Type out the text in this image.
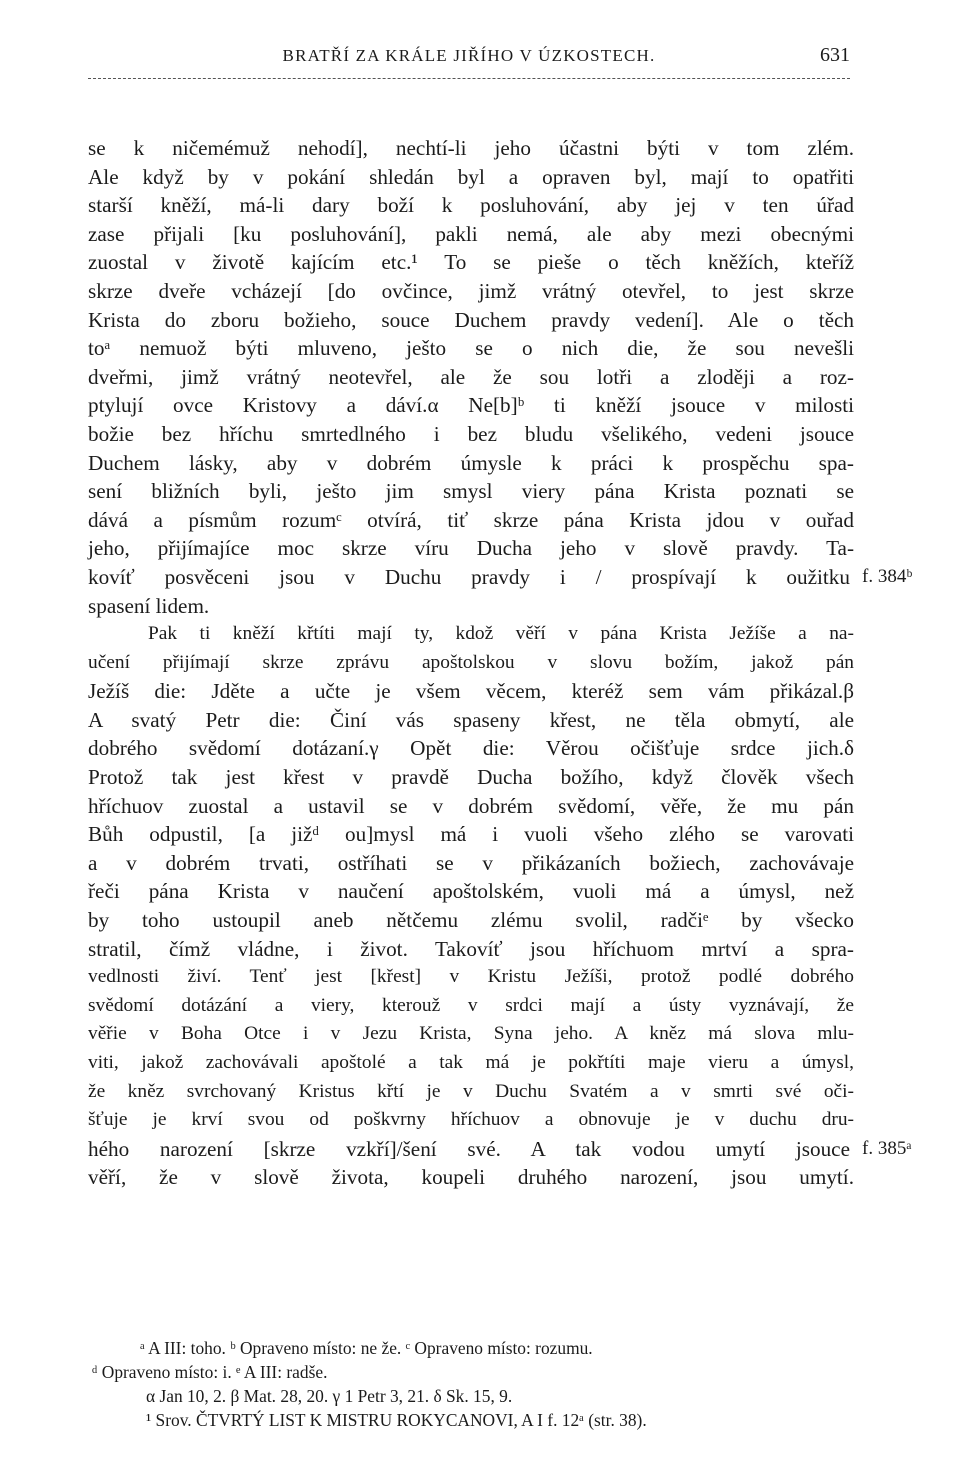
BRATŘÍ ZA KRÁLE JIŘÍHO V ÚZKOSTECH.	631
se k ničemémuž nehodí], nechtí-li jeho účastni býti v tom zlém.
Ale když by v pokání shledán byl a opraven byl, mají to opatřiti
starší kněží, má-li dary boží k posluhování, aby jej v ten úřad
zase přijali [ku posluhování], pakli nemá, ale aby mezi obecnými
zuostal v životě kajícím etc.¹ To se pieše o těch kněžích, kteříž
skrze dveře vcházejí [do ovčince, jimž vrátný otevřel, to jest skrze
Krista do zboru božieho, souce Duchem pravdy vedení]. Ale o těch
toᵃ nemuož býti mluveno, ješto se o nich die, že sou nevešli
dveřmi, jimž vrátný neotevřel, ale že sou lotři a zloději a roz-
ptylují ovce Kristovy a dáví.α Ne[b]ᵇ ti kněží jsouce v milosti
božie bez hříchu smrtedlného i bez bludu všelikého, vedeni jsouce
Duchem lásky, aby v dobrém úmysle k práci k prospěchu spa-
sení bližních byli, ješto jim smysl viery pána Krista poznati se
dává a písmům rozumᶜ otvírá, tiť skrze pána Krista jdou v ouřad
jeho, přijímajíce moc skrze víru Ducha jeho v slově pravdy. Ta-
kovíť posvěceni jsou v Duchu pravdy i / prospívají k oužitku f. 384ᵇ
spasení lidem.
Pak ti kněží křtíti mají ty, kdož věří v pána Krista Ježíše a na-
učení přijímají skrze zprávu apoštolskou v slovu božím, jakož pán
Ježíš die: Jděte a učte je všem věcem, kteréž sem vám přikázal.β
A svatý Petr die: Činí vás spaseny křest, ne těla obmytí, ale
dobrého svědomí dotázaní.γ Opět die: Věrou očišťuje srdce jich.δ
Protož tak jest křest v pravdě Ducha božího, když člověk všech
hříchuov zuostal a ustavil se v dobrém svědomí, věře, že mu pán
Bůh odpustil, [a jižᵈ ou]mysl má i vuoli všeho zlého se varovati
a v dobrém trvati, ostříhati se v přikázaních božiech, zachovávaje
řeči pána Krista v naučení apoštolském, vuoli má a úmysl, než
by toho ustoupil aneb nětčemu zlému svolil, radčiᵉ by všecko
stratil, čímž vládne, i život. Takovíť jsou hříchuom mrtví a spra-
vedlnosti živí. Tenť jest [křest] v Kristu Ježíši, protož podlé dobrého
svědomí dotázání a viery, kterouž v srdci mají a ústy vyznávají, že
věřie v Boha Otce i v Jezu Krista, Syna jeho. A kněz má slova mlu-
viti, jakož zachovávali apoštolé a tak má je pokřtíti maje vieru a úmysl,
že kněz svrchovaný Kristus křtí je v Duchu Svatém a v smrti své oči-
šťuje je krví svou od poškvrny hříchuov a obnovuje je v duchu dru-
hého narození [skrze vzkří]/šení své. A tak vodou umytí jsouce f. 385ᵃ
věří, že v slově života, koupeli druhého narození, jsou umytí.
ᵃ A III: toho. ᵇ Opraveno místo: ne že. ᶜ Opraveno místo: rozumu.
ᵈ Opraveno místo: i. ᵉ A III: radše.
α Jan 10, 2. β Mat. 28, 20. γ 1 Petr 3, 21. δ Sk. 15, 9.
¹ Srov. ČTVRTÝ LIST K MISTRU ROKYCANOVI, A I f. 12ᵃ (str. 38).
